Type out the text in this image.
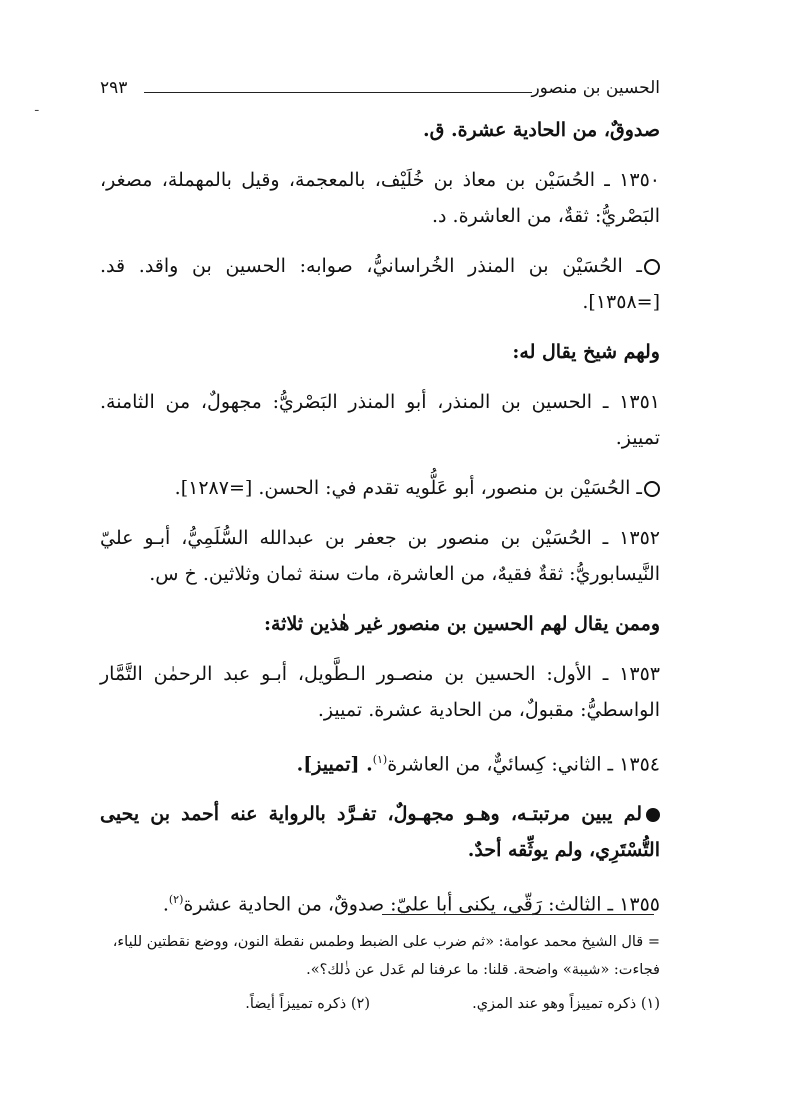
ـ
الحسين بن منصور
٢٩٣

صدوقٌ، من الحادية عشرة. ق.

١٣٥٠ ـ الحُسَيْن بن معاذ بن خُلَيْف، بالمعجمة، وقيل بالمهملة، مصغر، البَصْريُّ: ثقةٌ، من العاشرة. د.

ـ الحُسَيْن بن المنذر الخُراسانيُّ، صوابه: الحسين بن واقد. قد. [=١٣٥٨].

ولهم شيخ يقال له:

١٣٥١ ـ الحسين بن المنذر، أبو المنذر البَصْريُّ: مجهولٌ، من الثامنة. تمييز.

ـ الحُسَيْن بن منصور، أبو عَلُّويه تقدم في: الحسن. [=١٢٨٧].

١٣٥٢ ـ الحُسَيْن بن منصور بن جعفر بن عبدالله السُّلَمِيُّ، أبـو عليّ النَّيسابوريُّ: ثقةٌ فقيهٌ، من العاشرة، مات سنة ثمان وثلاثين. خ س.

وممن يقال لهم الحسين بن منصور غير هٰذين ثلاثة:

١٣٥٣ ـ الأول: الحسين بن منصـور الـطَّويل، أبـو عبد الرحمٰن التَّمَّار الواسطيُّ: مقبولٌ، من الحادية عشرة. تمييز.

١٣٥٤ ـ الثاني: كِسائيٌّ، من العاشرة$^{(١)}$. [تمييز].

لم يبين مرتبتـه، وهـو مجهـولٌ، تفـرَّد بالرواية عنه أحمد بن يحيى التُّسْتَرِي، ولم يوثِّقه أحدٌ.

١٣٥٥ ـ الثالث: رَقّي، يكنى أبا عليّ: صدوقٌ، من الحادية عشرة$^{(٢)}$.

= قال الشيخ محمد عوامة: «ثم ضرب على الضبط وطمس نقطة النون، ووضع نقطتين للياء، فجاءت: «شيبة» واضحة. قلنا: ما عرفنا لم عَدل عن ذٰلك؟».

(١) ذكره تمييزاً وهو عند المزي.
(٢) ذكره تمييزاً أيضاً.
